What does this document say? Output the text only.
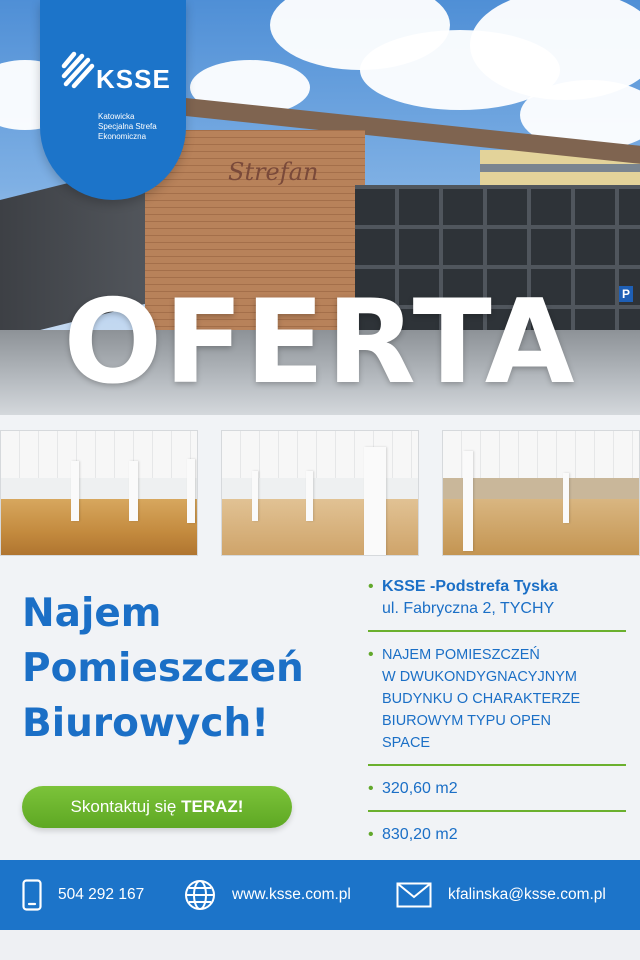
Strefan
P
OFERTA
KSSE
Katowicka
Specjalna Strefa
Ekonomiczna
Najem
Pomieszczeń
Biurowych!
Skontaktuj się TERAZ!
• KSSE -Podstrefa Tyska
ul. Fabryczna 2, TYCHY
• NAJEM POMIESZCZEŃ
W DWUKONDYGNACYJNYM
BUDYNKU O CHARAKTERZE
BIUROWYM TYPU OPEN
SPACE
• 320,60 m2
• 830,20 m2
504 292 167	www.ksse.com.pl	kfalinska@ksse.com.pl
